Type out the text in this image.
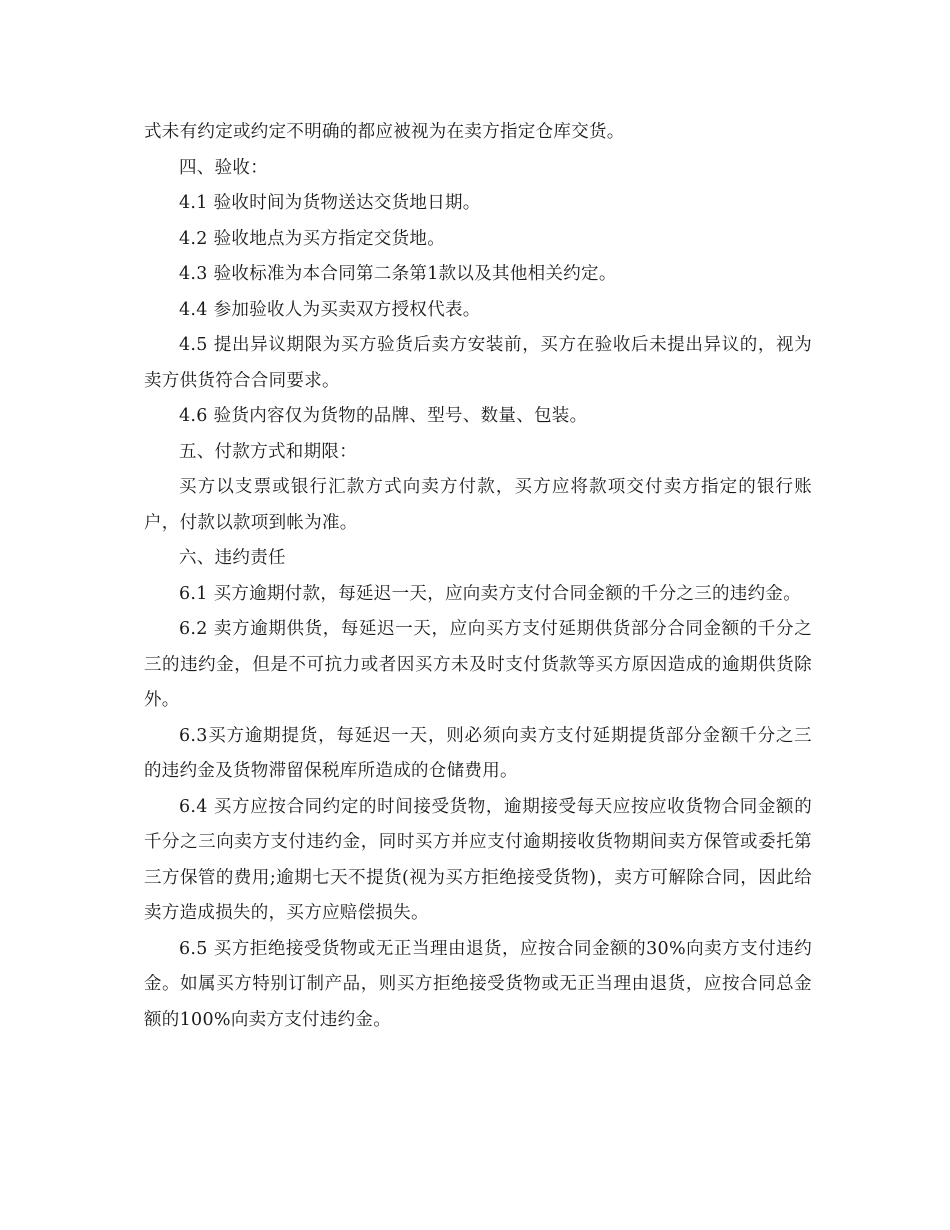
式未有约定或约定不明确的都应被视为在卖方指定仓库交货。

四、验收：

4.1 验收时间为货物送达交货地日期。

4.2 验收地点为买方指定交货地。

4.3 验收标准为本合同第二条第1款以及其他相关约定。

4.4 参加验收人为买卖双方授权代表。

4.5 提出异议期限为买方验货后卖方安装前，买方在验收后未提出异议的，视为卖方供货符合合同要求。

4.6 验货内容仅为货物的品牌、型号、数量、包装。

五、付款方式和期限：

买方以支票或银行汇款方式向卖方付款，买方应将款项交付卖方指定的银行账户，付款以款项到帐为准。

六、违约责任

6.1 买方逾期付款，每延迟一天，应向卖方支付合同金额的千分之三的违约金。

6.2 卖方逾期供货，每延迟一天，应向买方支付延期供货部分合同金额的千分之三的违约金，但是不可抗力或者因买方未及时支付货款等买方原因造成的逾期供货除外。

6.3买方逾期提货，每延迟一天，则必须向卖方支付延期提货部分金额千分之三的违约金及货物滞留保税库所造成的仓储费用。

6.4 买方应按合同约定的时间接受货物，逾期接受每天应按应收货物合同金额的千分之三向卖方支付违约金，同时买方并应支付逾期接收货物期间卖方保管或委托第三方保管的费用;逾期七天不提货(视为买方拒绝接受货物)，卖方可解除合同，因此给卖方造成损失的，买方应赔偿损失。

6.5 买方拒绝接受货物或无正当理由退货，应按合同金额的30%向卖方支付违约金。如属买方特别订制产品，则买方拒绝接受货物或无正当理由退货，应按合同总金额的100%向卖方支付违约金。
